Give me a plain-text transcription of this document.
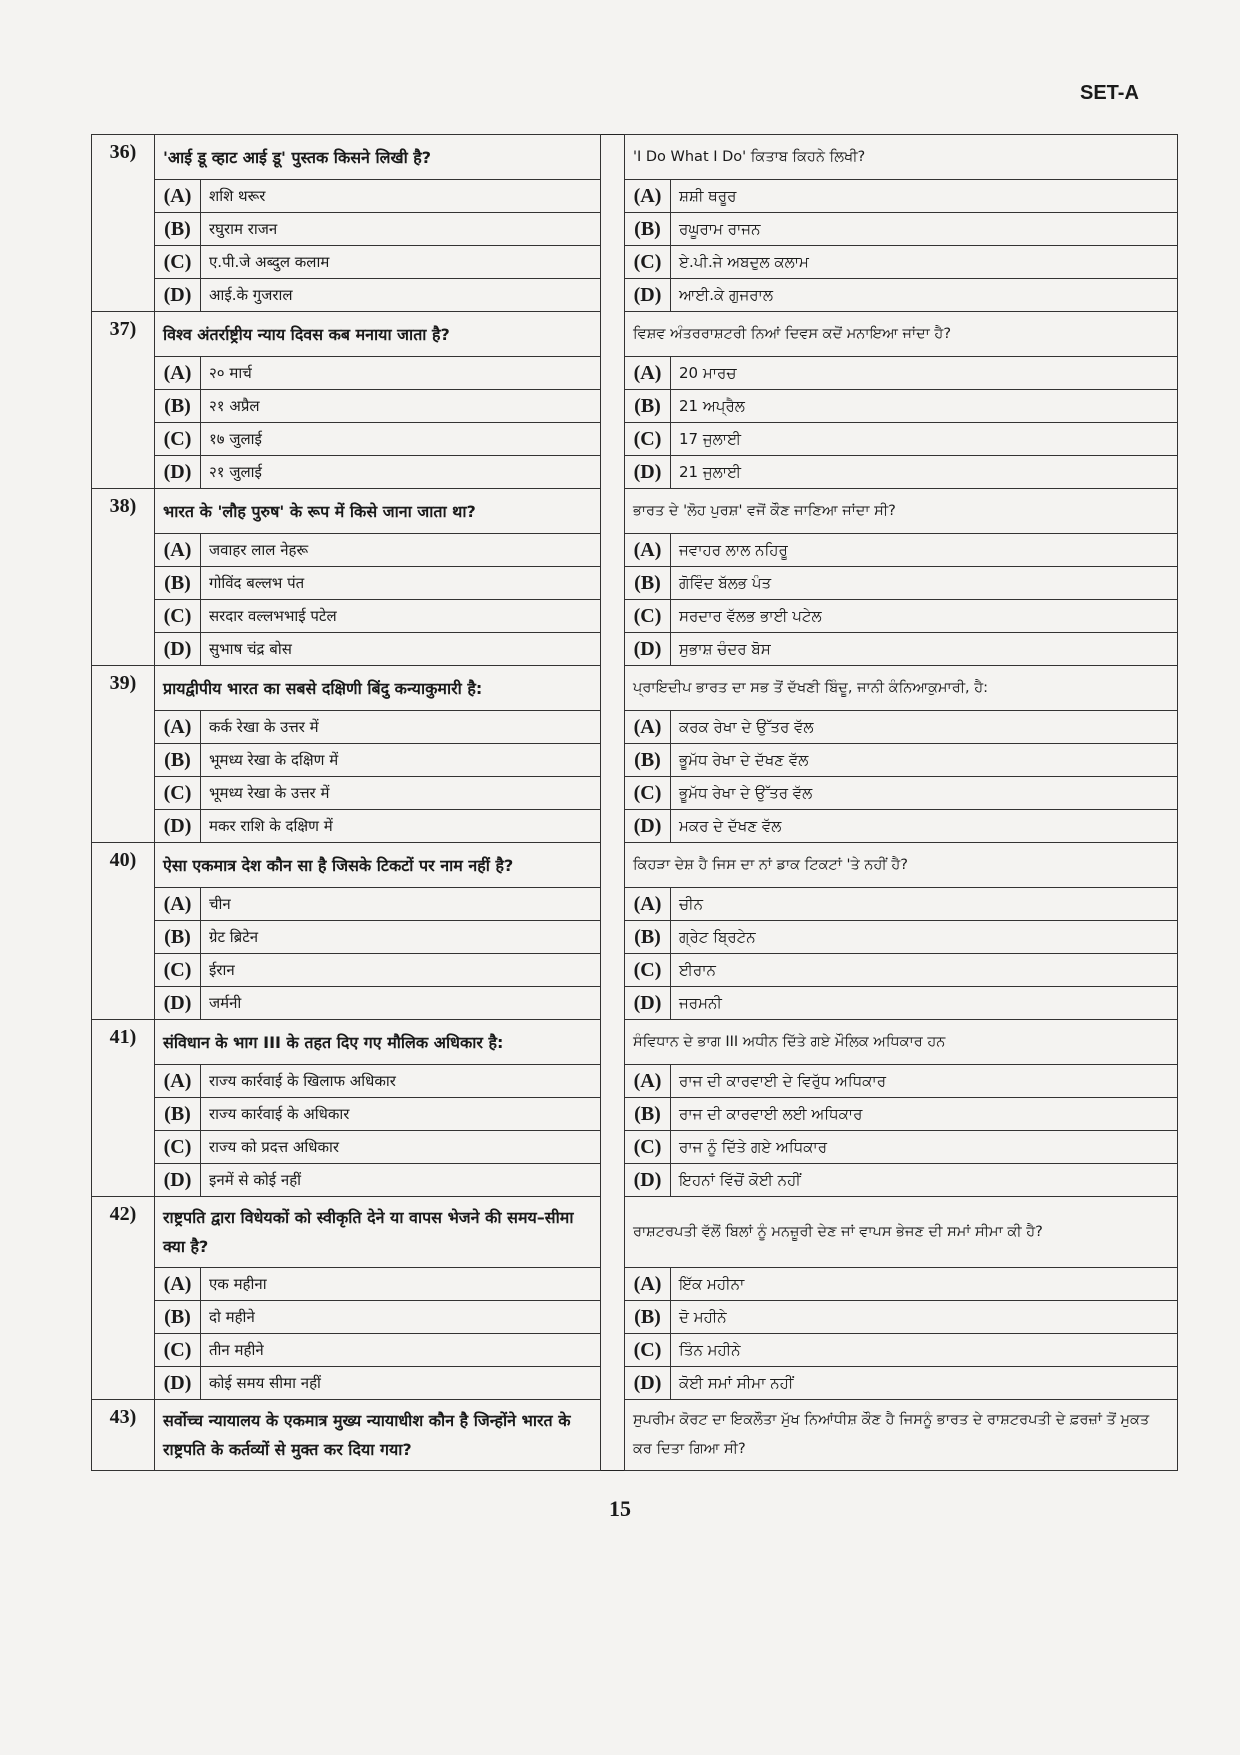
SET-A
36)	'आई डू व्हाट आई डू' पुस्तक किसने लिखी है?			'I Do What I Do' ਕਿਤਾਬ ਕਿਹਨੇ ਲਿਖੀ?	
	(A)	शशि थरूर		(A)	ਸ਼ਸ਼ੀ ਥਰੂਰ
	(B)	रघुराम राजन		(B)	ਰਘੂਰਾਮ ਰਾਜਨ
	(C)	ए.पी.जे अब्दुल कलाम		(C)	ਏ.ਪੀ.ਜੇ ਅਬਦੁਲ ਕਲਾਮ
	(D)	आई.के गुजराल		(D)	ਆਈ.ਕੇ ਗੁਜਰਾਲ
37)	विश्व अंतर्राष्ट्रीय न्याय दिवस कब मनाया जाता है?			ਵਿਸ਼ਵ ਅੰਤਰਰਾਸ਼ਟਰੀ ਨਿਆਂ ਦਿਵਸ ਕਦੋਂ ਮਨਾਇਆ ਜਾਂਦਾ ਹੈ?	
	(A)	२० मार्च		(A)	20 ਮਾਰਚ
	(B)	२१ अप्रैल		(B)	21 ਅਪ੍ਰੈਲ
	(C)	१७ जुलाई		(C)	17 ਜੁਲਾਈ
	(D)	२१ जुलाई		(D)	21 ਜੁਲਾਈ
38)	भारत के 'लौह पुरुष' के रूप में किसे जाना जाता था?			ਭਾਰਤ ਦੇ 'ਲੋਹ ਪੁਰਸ਼' ਵਜੋਂ ਕੌਣ ਜਾਣਿਆ ਜਾਂਦਾ ਸੀ?	
	(A)	जवाहर लाल नेहरू		(A)	ਜਵਾਹਰ ਲਾਲ ਨਹਿਰੂ
	(B)	गोविंद बल्लभ पंत		(B)	ਗੋਵਿੰਦ ਬੱਲਭ ਪੰਤ
	(C)	सरदार वल्लभभाई पटेल		(C)	ਸਰਦਾਰ ਵੱਲਭ ਭਾਈ ਪਟੇਲ
	(D)	सुभाष चंद्र बोस		(D)	ਸੁਭਾਸ਼ ਚੰਦਰ ਬੋਸ
39)	प्रायद्वीपीय भारत का सबसे दक्षिणी बिंदु कन्याकुमारी है:			ਪ੍ਰਾਇਦੀਪ ਭਾਰਤ ਦਾ ਸਭ ਤੋਂ ਦੱਖਣੀ ਬਿੰਦੂ, ਜਾਨੀ ਕੰਨਿਆਕੁਮਾਰੀ, ਹੈ:	
	(A)	कर्क रेखा के उत्तर में		(A)	ਕਰਕ ਰੇਖਾ ਦੇ ਉੱਤਰ ਵੱਲ
	(B)	भूमध्य रेखा के दक्षिण में		(B)	ਭੂਮੱਧ ਰੇਖਾ ਦੇ ਦੱਖਣ ਵੱਲ
	(C)	भूमध्य रेखा के उत्तर में		(C)	ਭੂਮੱਧ ਰੇਖਾ ਦੇ ਉੱਤਰ ਵੱਲ
	(D)	मकर राशि के दक्षिण में		(D)	ਮਕਰ ਦੇ ਦੱਖਣ ਵੱਲ
40)	ऐसा एकमात्र देश कौन सा है जिसके टिकटों पर नाम नहीं है?			ਕਿਹੜਾ ਦੇਸ਼ ਹੈ ਜਿਸ ਦਾ ਨਾਂ ਡਾਕ ਟਿਕਟਾਂ 'ਤੇ ਨਹੀਂ ਹੈ?	
	(A)	चीन		(A)	ਚੀਨ
	(B)	ग्रेट ब्रिटेन		(B)	ਗ੍ਰੇਟ ਬ੍ਰਿਟੇਨ
	(C)	ईरान		(C)	ਈਰਾਨ
	(D)	जर्मनी		(D)	ਜਰਮਨੀ
41)	संविधान के भाग III के तहत दिए गए मौलिक अधिकार है:			ਸੰਵਿਧਾਨ ਦੇ ਭਾਗ III ਅਧੀਨ ਦਿੱਤੇ ਗਏ ਮੌਲਿਕ ਅਧਿਕਾਰ ਹਨ	
	(A)	राज्य कार्रवाई के खिलाफ अधिकार		(A)	ਰਾਜ ਦੀ ਕਾਰਵਾਈ ਦੇ ਵਿਰੁੱਧ ਅਧਿਕਾਰ
	(B)	राज्य कार्रवाई के अधिकार		(B)	ਰਾਜ ਦੀ ਕਾਰਵਾਈ ਲਈ ਅਧਿਕਾਰ
	(C)	राज्य को प्रदत्त अधिकार		(C)	ਰਾਜ ਨੂੰ ਦਿੱਤੇ ਗਏ ਅਧਿਕਾਰ
	(D)	इनमें से कोई नहीं		(D)	ਇਹਨਾਂ ਵਿੱਚੋਂ ਕੋਈ ਨਹੀਂ
42)	राष्ट्रपति द्वारा विधेयकों को स्वीकृति देने या वापस भेजने की समय–सीमा क्या है?			ਰਾਸ਼ਟਰਪਤੀ ਵੱਲੋਂ ਬਿਲਾਂ ਨੂੰ ਮਨਜ਼ੂਰੀ ਦੇਣ ਜਾਂ ਵਾਪਸ ਭੇਜਣ ਦੀ ਸਮਾਂ ਸੀਮਾ ਕੀ ਹੈ?	
	(A)	एक महीना		(A)	ਇੱਕ ਮਹੀਨਾ
	(B)	दो महीने		(B)	ਦੋ ਮਹੀਨੇ
	(C)	तीन महीने		(C)	ਤਿੰਨ ਮਹੀਨੇ
	(D)	कोई समय सीमा नहीं		(D)	ਕੋਈ ਸਮਾਂ ਸੀਮਾ ਨਹੀਂ
43)	सर्वोच्च न्यायालय के एकमात्र मुख्य न्यायाधीश कौन है जिन्होंने भारत के राष्ट्रपति के कर्तव्यों से मुक्त कर दिया गया?			ਸੁਪਰੀਮ ਕੋਰਟ ਦਾ ਇਕਲੌਤਾ ਮੁੱਖ ਨਿਆਂਧੀਸ਼ ਕੌਣ ਹੈ ਜਿਸਨੂੰ ਭਾਰਤ ਦੇ ਰਾਸ਼ਟਰਪਤੀ ਦੇ ਫ਼ਰਜ਼ਾਂ ਤੋਂ ਮੁਕਤ ਕਰ ਦਿਤਾ ਗਿਆ ਸੀ?	
15
